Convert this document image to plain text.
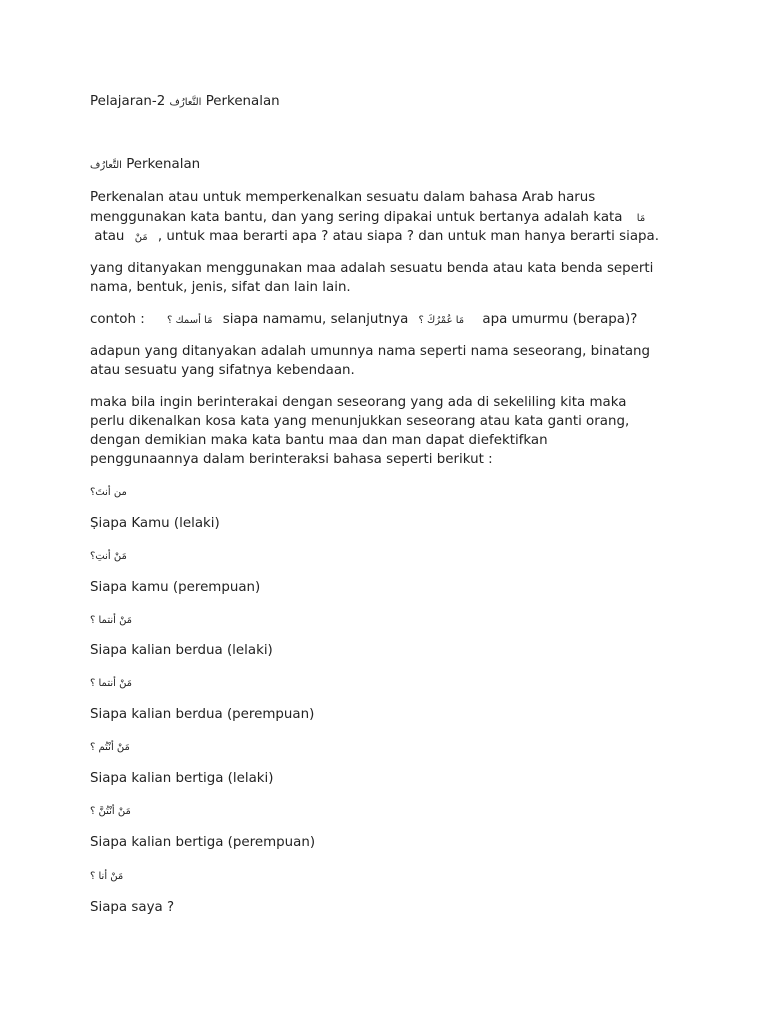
Pelajaran-2 التَّعارُف Perkenalan
التَّعارُف Perkenalan
Perkenalan atau untuk memperkenalkan sesuatu dalam bahasa Arab harus
menggunakan kata bantu, dan yang sering dipakai untuk bertanya adalah kata مَا
atau مَنْ , untuk maa berarti apa ? atau siapa ? dan untuk man hanya berarti siapa.
yang ditanyakan menggunakan maa adalah sesuatu benda atau kata benda seperti
nama, bentuk, jenis, sifat dan lain lain.
contoh : مَا أسمك ؟ siapa namamu, selanjutnya مَا عُمْرُكَ ؟ apa umurmu (berapa)?
adapun yang ditanyakan adalah umunnya nama seperti nama seseorang, binatang
atau sesuatu yang sifatnya kebendaan.
maka bila ingin berinterakai dengan seseorang yang ada di sekeliling kita maka
perlu dikenalkan kosa kata yang menunjukkan seseorang atau kata ganti orang,
dengan demikian maka kata bantu maa dan man dapat diefektifkan
penggunaannya dalam berinteraksi bahasa seperti berikut :
من أنتَ؟
Ṣiapa Kamu (lelaki)
مَنْ أنتِ؟
Siapa kamu (perempuan)
مَنْ أنتما ؟
Siapa kalian berdua (lelaki)
مَنْ أنتما ؟
Siapa kalian berdua (perempuan)
مَنْ أنْتُم ؟
Siapa kalian bertiga (lelaki)
مَنْ أنْتُنَّ ؟
Siapa kalian bertiga (perempuan)
مَنْ أنا ؟
Siapa saya ?
